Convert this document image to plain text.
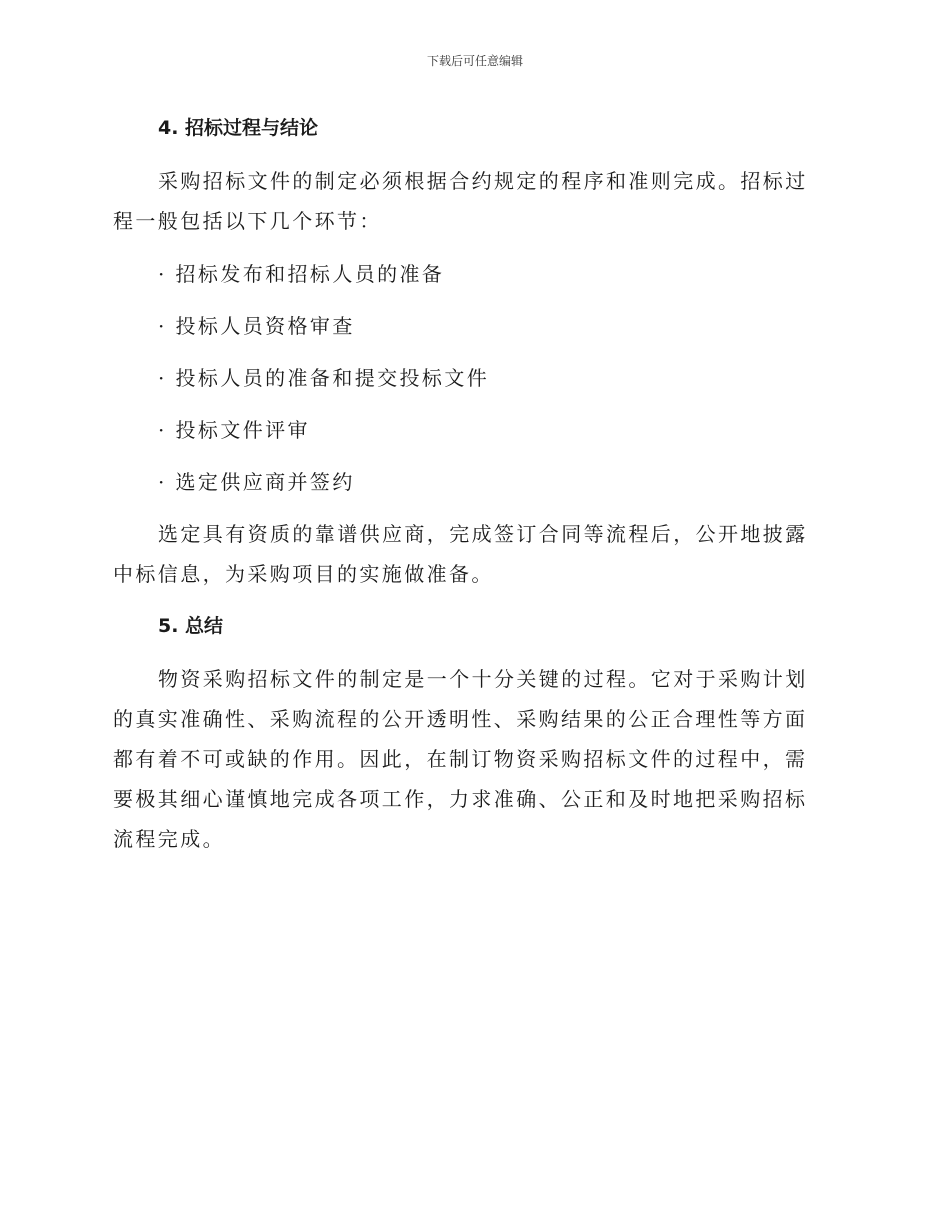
下载后可任意编辑
4. 招标过程与结论

采购招标文件的制定必须根据合约规定的程序和准则完成。招标过程一般包括以下几个环节：

· 招标发布和招标人员的准备
· 投标人员资格审查
· 投标人员的准备和提交投标文件
· 投标文件评审
· 选定供应商并签约

选定具有资质的靠谱供应商，完成签订合同等流程后，公开地披露中标信息，为采购项目的实施做准备。

5. 总结

物资采购招标文件的制定是一个十分关键的过程。它对于采购计划的真实准确性、采购流程的公开透明性、采购结果的公正合理性等方面都有着不可或缺的作用。因此，在制订物资采购招标文件的过程中，需要极其细心谨慎地完成各项工作，力求准确、公正和及时地把采购招标流程完成。
